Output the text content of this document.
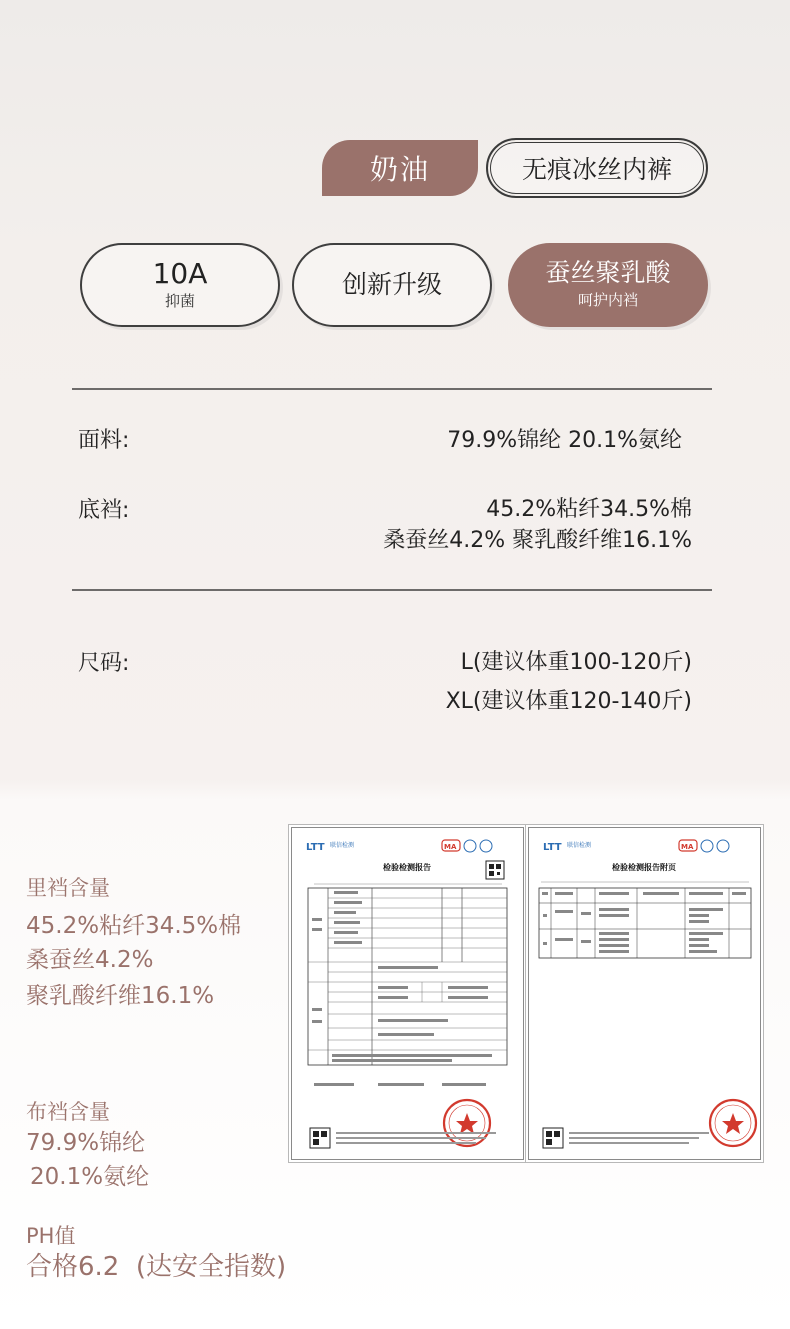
奶油	无痕冰丝内裤
10A
抑菌
创新升级	蚕丝聚乳酸
呵护内裆
面料:	79.9%锦纶 20.1%氨纶
底裆:	45.2%粘纤34.5%棉
桑蚕丝4.2% 聚乳酸纤维16.1%
尺码:	L(建议体重100-120斤)
XL(建议体重120-140斤)
里裆含量
45.2%粘纤34.5%棉
桑蚕丝4.2%
聚乳酸纤维16.1%
布裆含量
79.9%锦纶
20.1%氨纶
PH值
合格6.2  (达安全指数)
LTT 联信检测	MA
检验检测报告
LTT 联信检测	MA
检验检测报告附页
